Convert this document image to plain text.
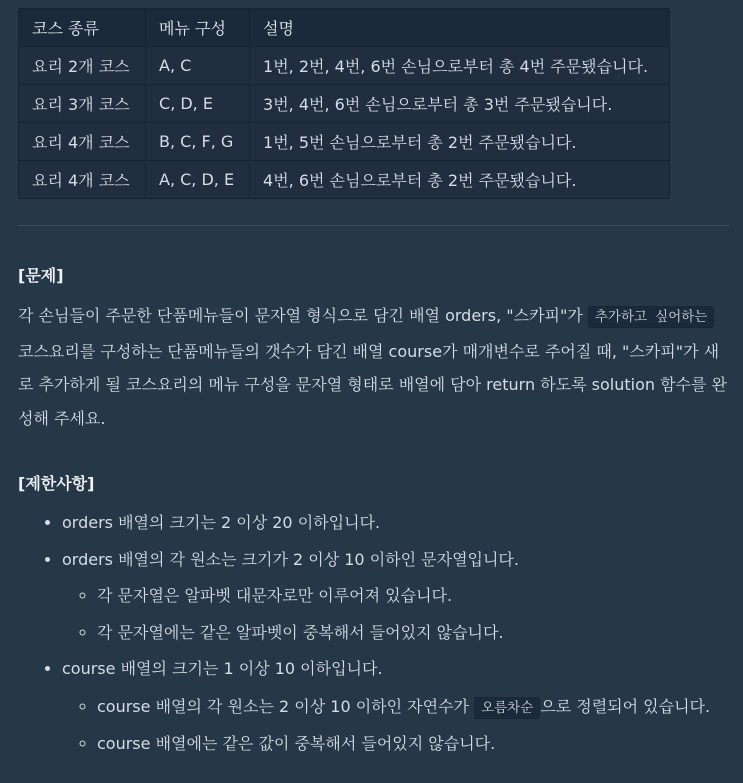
코스 종류	메뉴 구성	설명
요리 2개 코스	A, C	1번, 2번, 4번, 6번 손님으로부터 총 4번 주문됐습니다.
요리 3개 코스	C, D, E	3번, 4번, 6번 손님으로부터 총 3번 주문됐습니다.
요리 4개 코스	B, C, F, G	1번, 5번 손님으로부터 총 2번 주문됐습니다.
요리 4개 코스	A, C, D, E	4번, 6번 손님으로부터 총 2번 주문됐습니다.
[문제]

각 손님들이 주문한 단품메뉴들이 문자열 형식으로 담긴 배열 orders, "스카피"가 추가하고 싶어하는 코스요리를 구성하는 단품메뉴들의 갯수가 담긴 배열 course가 매개변수로 주어질 때, "스카피"가 새로 추가하게 될 코스요리의 메뉴 구성을 문자열 형태로 배열에 담아 return 하도록 solution 함수를 완성해 주세요.

[제한사항]
• orders 배열의 크기는 2 이상 20 이하입니다.
• orders 배열의 각 원소는 크기가 2 이상 10 이하인 문자열입니다.
◦ 각 문자열은 알파벳 대문자로만 이루어져 있습니다.
◦ 각 문자열에는 같은 알파벳이 중복해서 들어있지 않습니다.
• course 배열의 크기는 1 이상 10 이하입니다.
◦ course 배열의 각 원소는 2 이상 10 이하인 자연수가 오름차순 으로 정렬되어 있습니다.
◦ course 배열에는 같은 값이 중복해서 들어있지 않습니다.
